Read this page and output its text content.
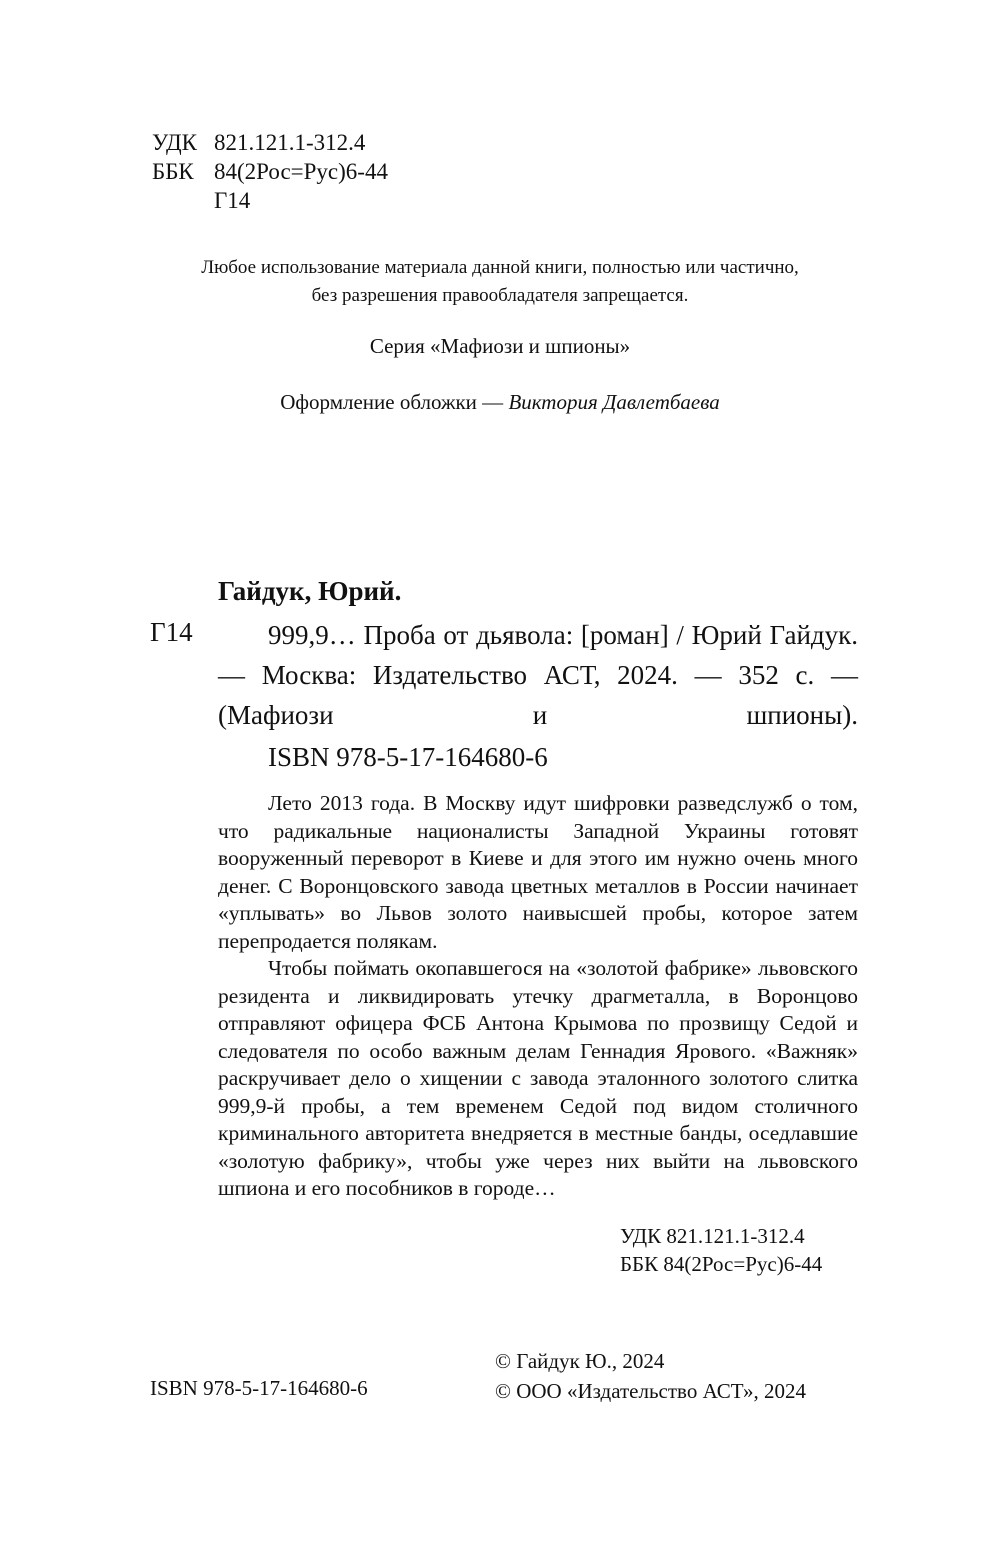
УДК 821.121.1-312.4
ББК 84(2Рос=Рус)6-44
Г14
Любое использование материала данной книги, полностью или частично,
без разрешения правообладателя запрещается.
Серия «Мафиози и шпионы»
Оформление обложки — Виктория Давлетбаева
Гайдук, Юрий.
Г14	999,9… Проба от дьявола: [роман] / Юрий Гайдук. — Москва: Издательство АСТ, 2024. — 352 с. — (Мафиози и шпионы).
ISBN 978-5-17-164680-6

Лето 2013 года. В Москву идут шифровки разведслужб о том, что радикальные националисты Западной Украины готовят вооруженный переворот в Киеве и для этого им нужно очень много денег. С Воронцовского завода цветных металлов в России начинает «уплывать» во Львов золото наивысшей пробы, которое затем перепродается полякам.

Чтобы поймать окопавшегося на «золотой фабрике» львовского резидента и ликвидировать утечку драгметалла, в Воронцово отправляют офицера ФСБ Антона Крымова по прозвищу Седой и следователя по особо важным делам Геннадия Ярового. «Важняк» раскручивает дело о хищении с завода эталонного золотого слитка 999,9-й пробы, а тем временем Седой под видом столичного криминального авторитета внедряется в местные банды, оседлавшие «золотую фабрику», чтобы уже через них выйти на львовского шпиона и его пособников в городе…

УДК 821.121.1-312.4
ББК 84(2Рос=Рус)6-44
© Гайдук Ю., 2024
© ООО «Издательство АСТ», 2024
ISBN 978-5-17-164680-6
